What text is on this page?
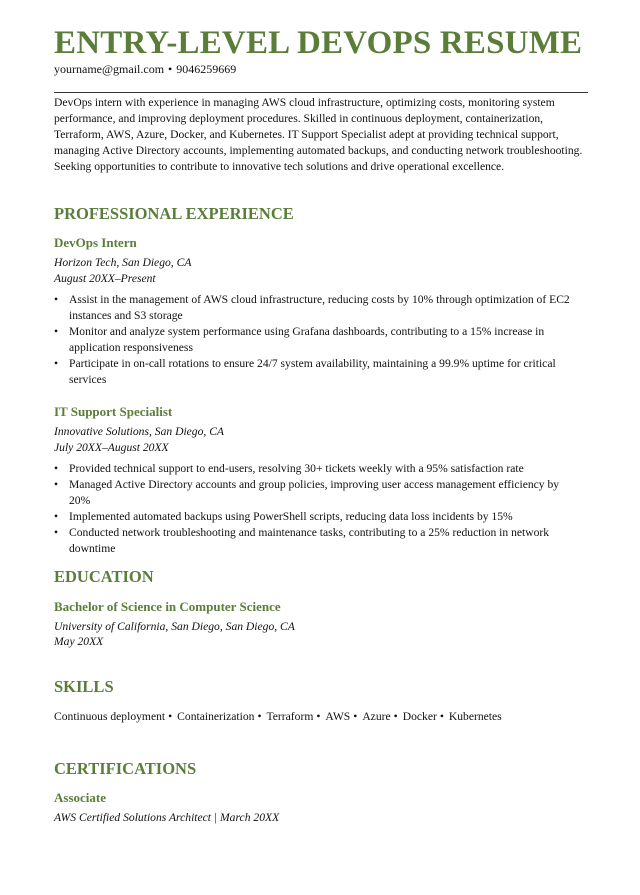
ENTRY-LEVEL DEVOPS RESUME
yourname@gmail.com • 9046259669

DevOps intern with experience in managing AWS cloud infrastructure, optimizing costs, monitoring system performance, and improving deployment procedures. Skilled in continuous deployment, containerization, Terraform, AWS, Azure, Docker, and Kubernetes. IT Support Specialist adept at providing technical support, managing Active Directory accounts, implementing automated backups, and conducting network troubleshooting. Seeking opportunities to contribute to innovative tech solutions and drive operational excellence.

PROFESSIONAL EXPERIENCE
DevOps Intern
Horizon Tech, San Diego, CA
August 20XX–Present
• Assist in the management of AWS cloud infrastructure, reducing costs by 10% through optimization of EC2 instances and S3 storage
• Monitor and analyze system performance using Grafana dashboards, contributing to a 15% increase in application responsiveness
• Participate in on-call rotations to ensure 24/7 system availability, maintaining a 99.9% uptime for critical services
IT Support Specialist
Innovative Solutions, San Diego, CA
July 20XX–August 20XX
• Provided technical support to end-users, resolving 30+ tickets weekly with a 95% satisfaction rate
• Managed Active Directory accounts and group policies, improving user access management efficiency by 20%
• Implemented automated backups using PowerShell scripts, reducing data loss incidents by 15%
• Conducted network troubleshooting and maintenance tasks, contributing to a 25% reduction in network downtime
EDUCATION
Bachelor of Science in Computer Science
University of California, San Diego, San Diego, CA
May 20XX
SKILLS
Continuous deployment • Containerization • Terraform • AWS • Azure • Docker • Kubernetes
CERTIFICATIONS
Associate
AWS Certified Solutions Architect | March 20XX
